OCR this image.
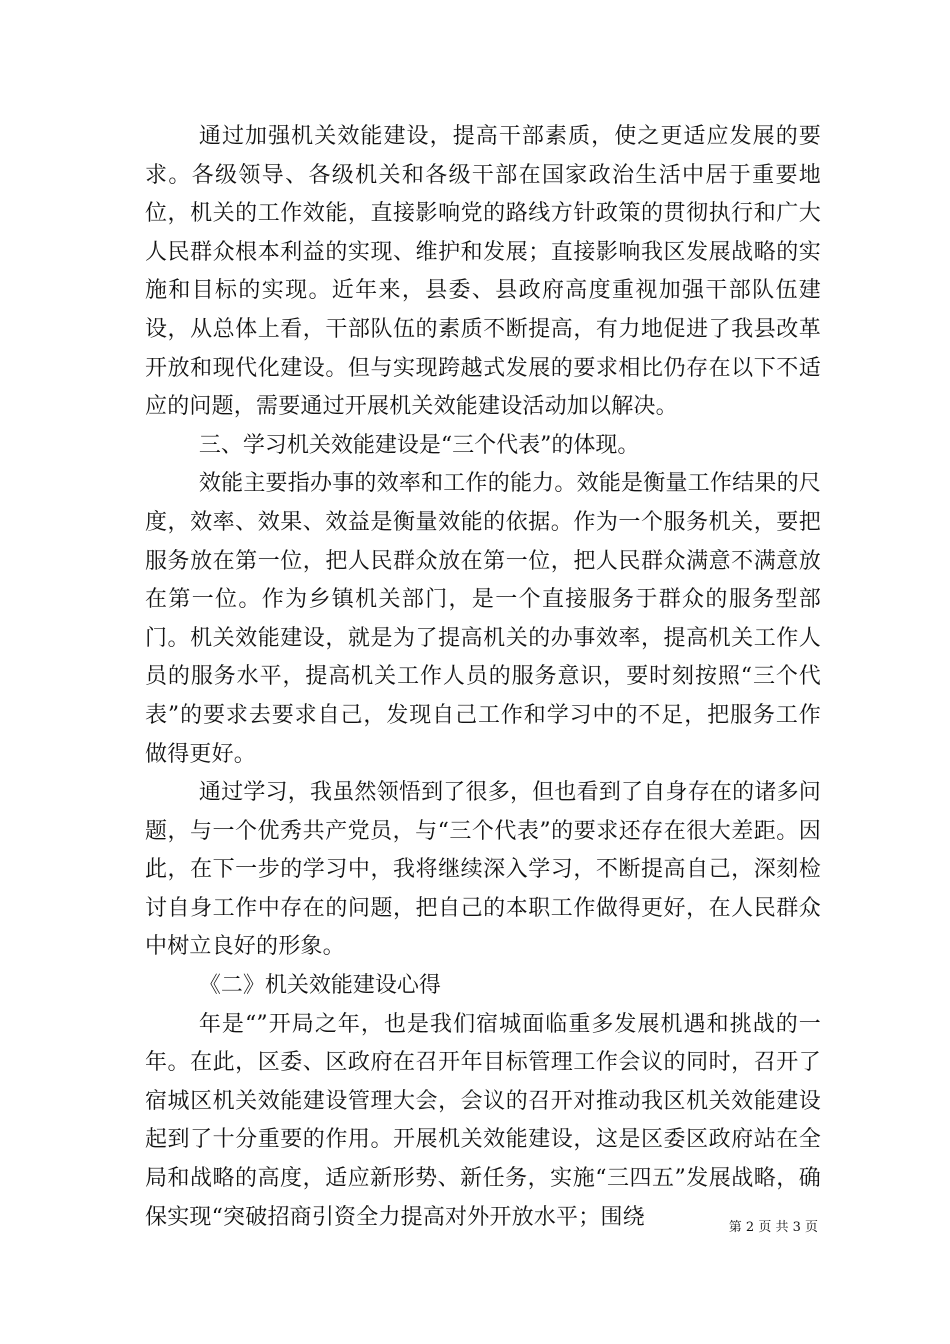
通过加强机关效能建设，提高干部素质，使之更适应发展的要求。各级领导、各级机关和各级干部在国家政治生活中居于重要地位，机关的工作效能，直接影响党的路线方针政策的贯彻执行和广大人民群众根本利益的实现、维护和发展；直接影响我区发展战略的实施和目标的实现。近年来，县委、县政府高度重视加强干部队伍建设，从总体上看，干部队伍的素质不断提高，有力地促进了我县改革开放和现代化建设。但与实现跨越式发展的要求相比仍存在以下不适应的问题，需要通过开展机关效能建设活动加以解决。

三、学习机关效能建设是“三个代表”的体现。

效能主要指办事的效率和工作的能力。效能是衡量工作结果的尺度，效率、效果、效益是衡量效能的依据。作为一个服务机关，要把服务放在第一位，把人民群众放在第一位，把人民群众满意不满意放在第一位。作为乡镇机关部门，是一个直接服务于群众的服务型部门。机关效能建设，就是为了提高机关的办事效率，提高机关工作人员的服务水平，提高机关工作人员的服务意识，要时刻按照“三个代表”的要求去要求自己，发现自己工作和学习中的不足，把服务工作做得更好。

通过学习，我虽然领悟到了很多，但也看到了自身存在的诸多问题，与一个优秀共产党员，与“三个代表”的要求还存在很大差距。因此，在下一步的学习中，我将继续深入学习，不断提高自己，深刻检讨自身工作中存在的问题，把自己的本职工作做得更好，在人民群众中树立良好的形象。

《二》机关效能建设心得

年是“”开局之年，也是我们宿城面临重多发展机遇和挑战的一年。在此，区委、区政府在召开年目标管理工作会议的同时，召开了宿城区机关效能建设管理大会，会议的召开对推动我区机关效能建设起到了十分重要的作用。开展机关效能建设，这是区委区政府站在全局和战略的高度，适应新形势、新任务，实施“三四五”发展战略，确保实现“突破招商引资全力提高对外开放水平；围绕	第 2 页 共 3 页
